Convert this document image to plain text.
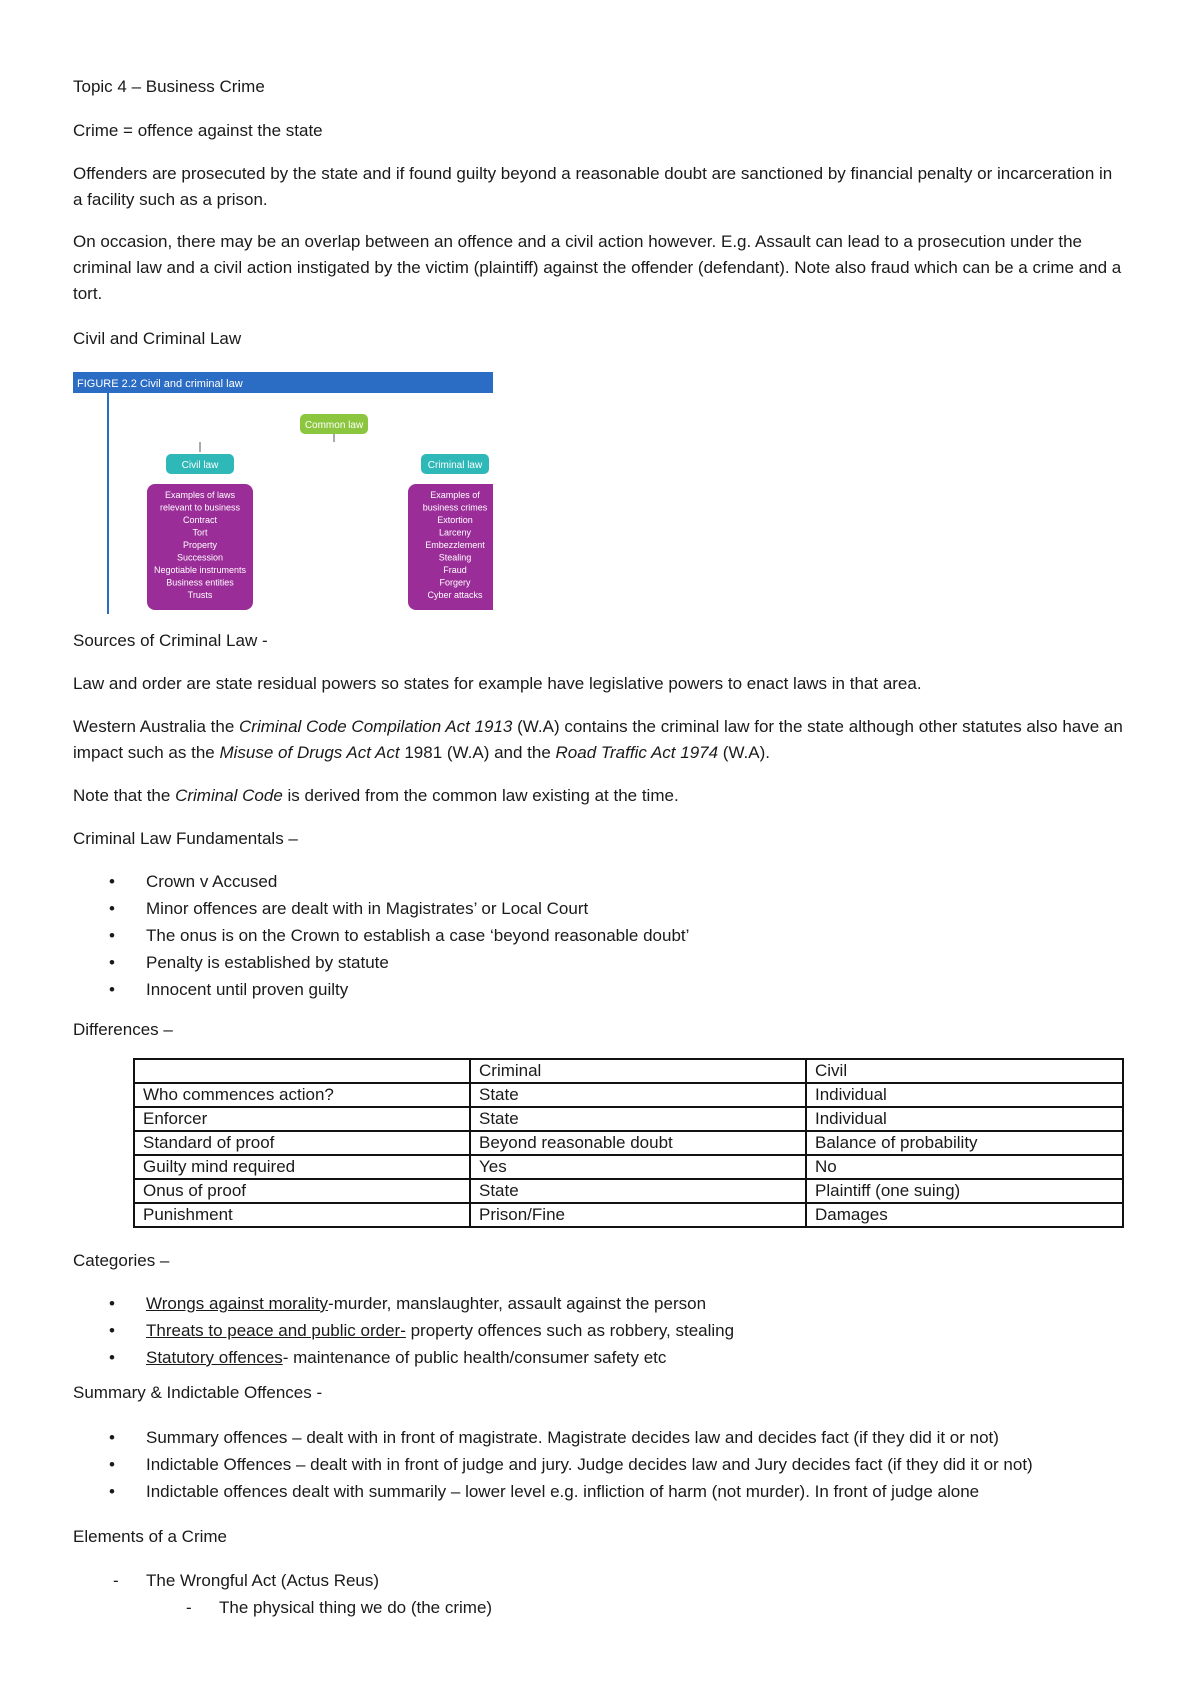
Topic 4 – Business Crime

Crime = offence against the state

Offenders are prosecuted by the state and if found guilty beyond a reasonable doubt are sanctioned by financial penalty or incarceration in a facility such as a prison.

On occasion, there may be an overlap between an offence and a civil action however. E.g. Assault can lead to a prosecution under the criminal law and a civil action instigated by the victim (plaintiff) against the offender (defendant). Note also fraud which can be a crime and a tort.

Civil and Criminal Law

FIGURE 2.2 Civil and criminal law
Common law
Civil law	Criminal law
Examples of laws
relevant to business
Contract
Tort
Property
Succession
Negotiable instruments
Business entities
Trusts
Examples of
business crimes
Extortion
Larceny
Embezzlement
Stealing
Fraud
Forgery
Cyber attacks

Sources of Criminal Law -

Law and order are state residual powers so states for example have legislative powers to enact laws in that area.

Western Australia the Criminal Code Compilation Act 1913 (W.A) contains the criminal law for the state although other statutes also have an impact such as the Misuse of Drugs Act Act 1981 (W.A) and the Road Traffic Act 1974 (W.A).

Note that the Criminal Code is derived from the common law existing at the time.

Criminal Law Fundamentals –

• Crown v Accused
• Minor offences are dealt with in Magistrates’ or Local Court
• The onus is on the Crown to establish a case ‘beyond reasonable doubt’
• Penalty is established by statute
• Innocent until proven guilty

Differences –

	Criminal	Civil
Who commences action?	State	Individual
Enforcer	State	Individual
Standard of proof	Beyond reasonable doubt	Balance of probability
Guilty mind required	Yes	No
Onus of proof	State	Plaintiff (one suing)
Punishment	Prison/Fine	Damages

Categories –

• Wrongs against morality-murder, manslaughter, assault against the person
• Threats to peace and public order- property offences such as robbery, stealing
• Statutory offences- maintenance of public health/consumer safety etc

Summary & Indictable Offences -

• Summary offences – dealt with in front of magistrate. Magistrate decides law and decides fact (if they did it or not)
• Indictable Offences – dealt with in front of judge and jury. Judge decides law and Jury decides fact (if they did it or not)
• Indictable offences dealt with summarily – lower level e.g. infliction of harm (not murder). In front of judge alone

Elements of a Crime

- The Wrongful Act (Actus Reus)
- The physical thing we do (the crime)
